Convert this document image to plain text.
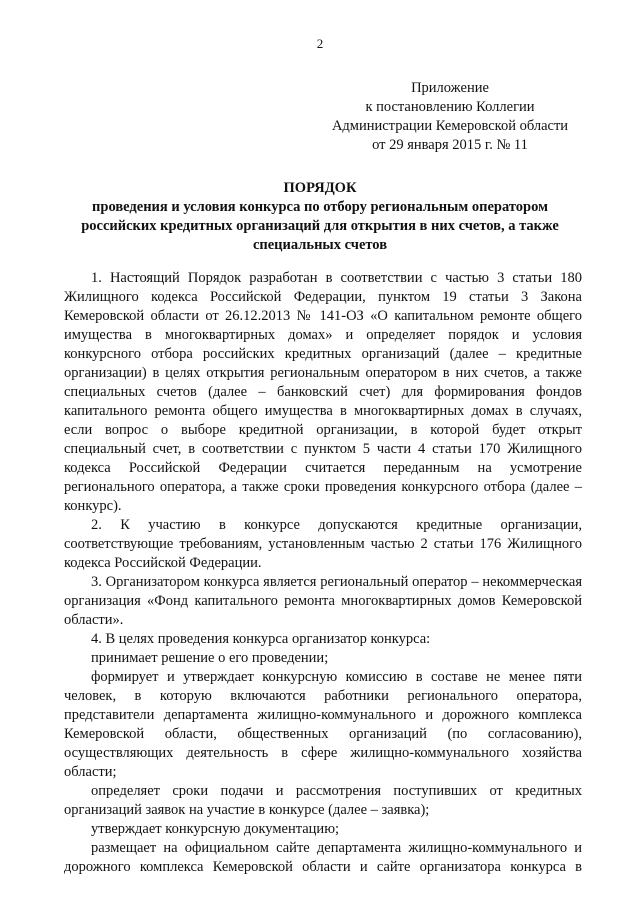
2
Приложение
к постановлению Коллегии
Администрации Кемеровской области
от 29 января 2015 г. № 11
ПОРЯДОК
проведения и условия конкурса по отбору региональным оператором
российских кредитных организаций для открытия в них счетов, а также
специальных счетов

1. Настоящий Порядок разработан в соответствии с частью 3 статьи 180 Жилищного кодекса Российской Федерации, пунктом 19 статьи 3 Закона Кемеровской области от 26.12.2013 № 141-ОЗ «О капитальном ремонте общего имущества в многоквартирных домах» и определяет порядок и условия конкурсного отбора российских кредитных организаций (далее – кредитные организации) в целях открытия региональным оператором в них счетов, а также специальных счетов (далее – банковский счет) для формирования фондов капитального ремонта общего имущества в многоквартирных домах в случаях, если вопрос о выборе кредитной организации, в которой будет открыт специальный счет, в соответствии с пунктом 5 части 4 статьи 170 Жилищного кодекса Российской Федерации считается переданным на усмотрение регионального оператора, а также сроки проведения конкурсного отбора (далее – конкурс).

2. К участию в конкурсе допускаются кредитные организации, соответствующие требованиям, установленным частью 2 статьи 176 Жилищного кодекса Российской Федерации.

3. Организатором конкурса является региональный оператор – некоммерческая организация «Фонд капитального ремонта многоквартирных домов Кемеровской области».

4. В целях проведения конкурса организатор конкурса:

принимает решение о его проведении;

формирует и утверждает конкурсную комиссию в составе не менее пяти человек, в которую включаются работники регионального оператора, представители департамента жилищно-коммунального и дорожного комплекса Кемеровской области, общественных организаций (по согласованию), осуществляющих деятельность в сфере жилищно-коммунального хозяйства области;

определяет сроки подачи и рассмотрения поступивших от кредитных организаций заявок на участие в конкурсе (далее – заявка);

утверждает конкурсную документацию;

размещает на официальном сайте департамента жилищно-коммунального и дорожного комплекса Кемеровской области и сайте организатора конкурса в
